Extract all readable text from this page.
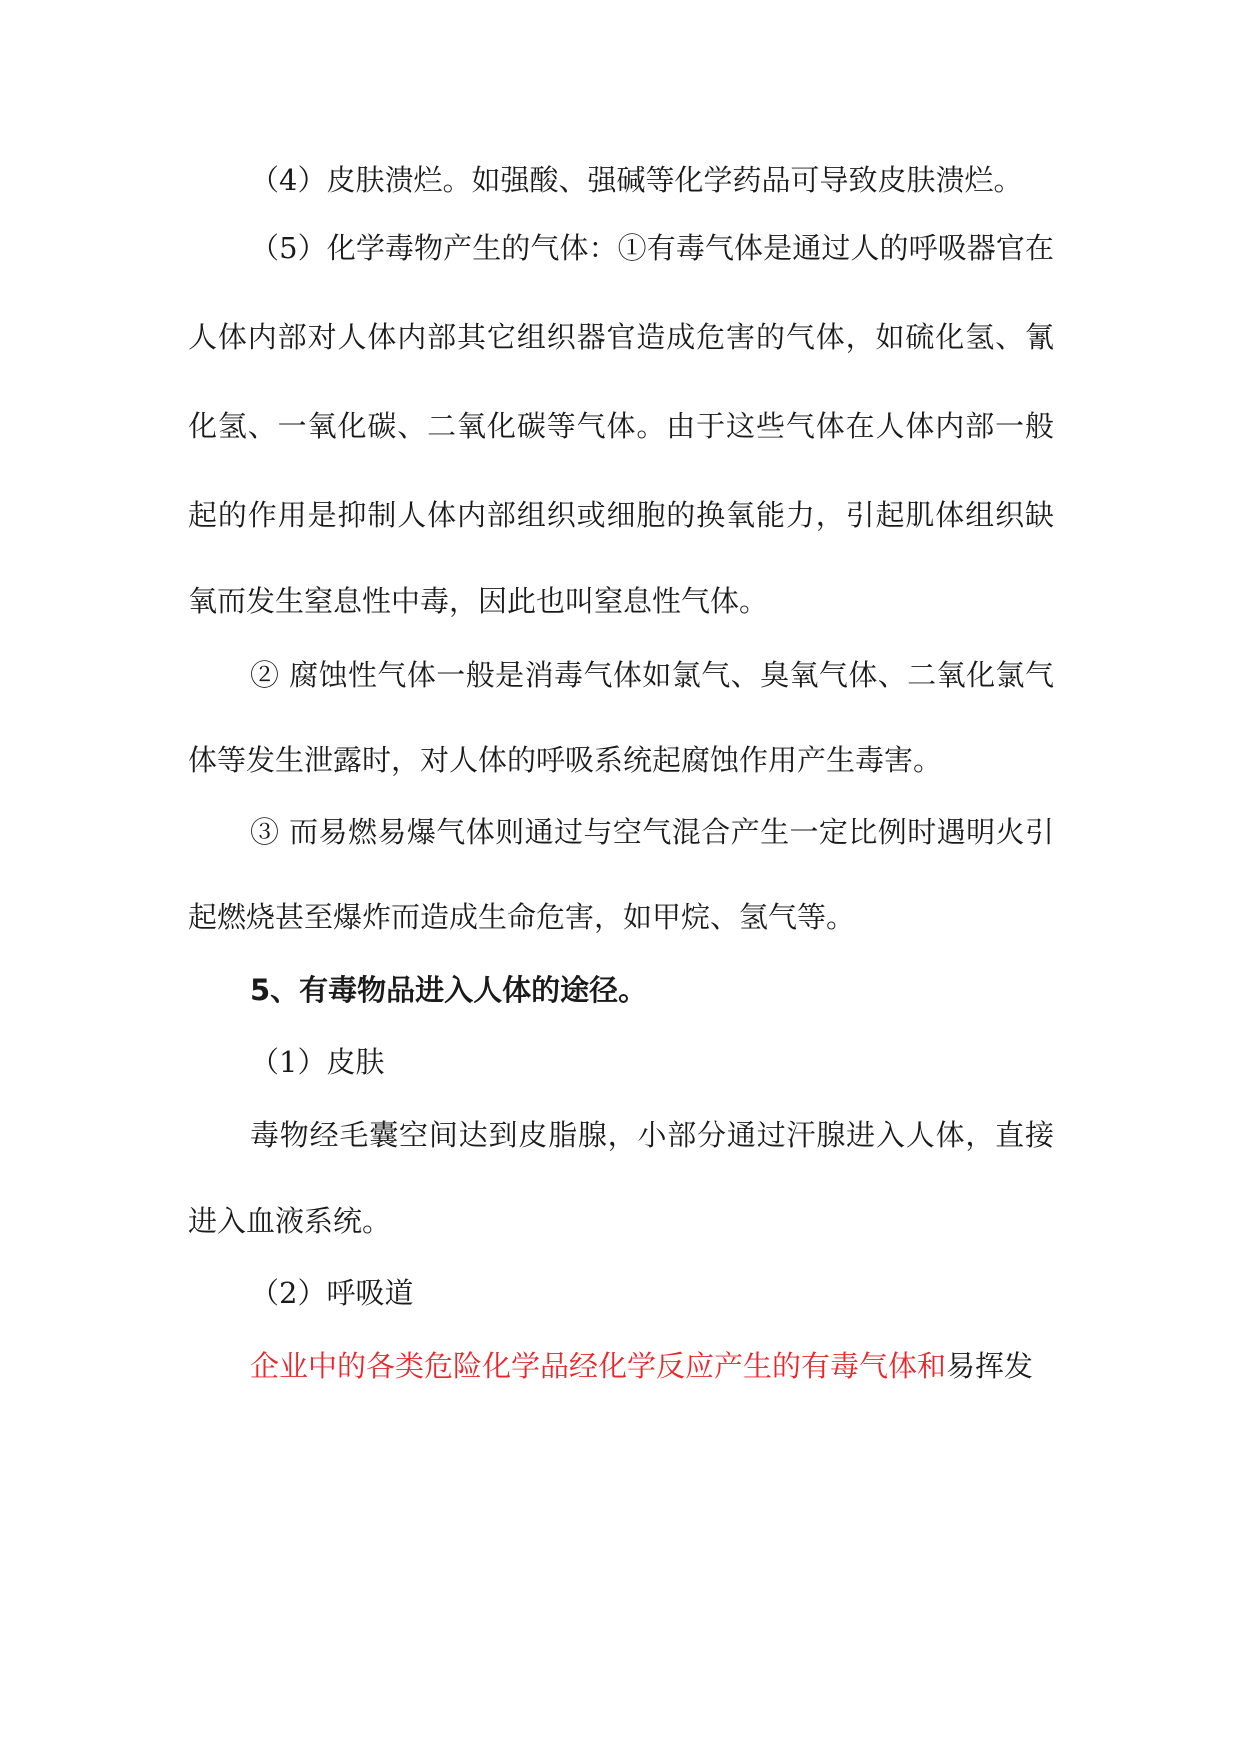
（4）皮肤溃烂。如强酸、强碱等化学药品可导致皮肤溃烂。
（5）化学毒物产生的气体：①有毒气体是通过人的呼吸器官在
人体内部对人体内部其它组织器官造成危害的气体，如硫化氢、氰
化氢、一氧化碳、二氧化碳等气体。由于这些气体在人体内部一般
起的作用是抑制人体内部组织或细胞的换氧能力，引起肌体组织缺
氧而发生窒息性中毒，因此也叫窒息性气体。
② 腐蚀性气体一般是消毒气体如氯气、臭氧气体、二氧化氯气
体等发生泄露时，对人体的呼吸系统起腐蚀作用产生毒害。
③ 而易燃易爆气体则通过与空气混合产生一定比例时遇明火引
起燃烧甚至爆炸而造成生命危害，如甲烷、氢气等。
5、有毒物品进入人体的途径。
（1）皮肤
毒物经毛囊空间达到皮脂腺，小部分通过汗腺进入人体，直接
进入血液系统。
（2）呼吸道
企业中的各类危险化学品经化学反应产生的有毒气体和易挥发
